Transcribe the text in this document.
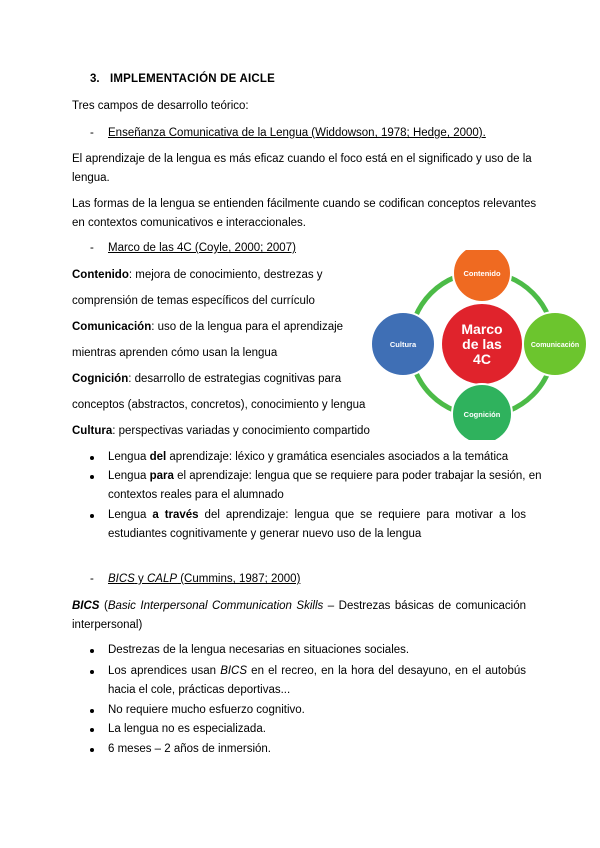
3. IMPLEMENTACIÓN DE AICLE
Tres campos de desarrollo teórico:
- Enseñanza Comunicativa de la Lengua (Widdowson, 1978; Hedge, 2000).
El aprendizaje de la lengua es más eficaz cuando el foco está en el significado y uso de la
lengua.
Las formas de la lengua se entienden fácilmente cuando se codifican conceptos relevantes
en contextos comunicativos e interaccionales.
- Marco de las 4C (Coyle, 2000; 2007)
Contenido: mejora de conocimiento, destrezas y
comprensión de temas específicos del currículo
Comunicación: uso de la lengua para el aprendizaje
mientras aprenden cómo usan la lengua
Cognición: desarrollo de estrategias cognitivas para
conceptos (abstractos, concretos), conocimiento y lengua
Cultura: perspectivas variadas y conocimiento compartido
Marco
de las
4C
Contenido
Comunicación
Cognición
Cultura
Lengua del aprendizaje: léxico y gramática esenciales asociados a la temática
Lengua para el aprendizaje: lengua que se requiere para poder trabajar la sesión, en
contextos reales para el alumnado
Lengua a través del aprendizaje: lengua que se requiere para motivar a los
estudiantes cognitivamente y generar nuevo uso de la lengua
- BICS y CALP (Cummins, 1987; 2000)
BICS (Basic Interpersonal Communication Skills – Destrezas básicas de comunicación
interpersonal)
Destrezas de la lengua necesarias en situaciones sociales.
Los aprendices usan BICS en el recreo, en la hora del desayuno, en el autobús
hacia el cole, prácticas deportivas...
No requiere mucho esfuerzo cognitivo.
La lengua no es especializada.
6 meses – 2 años de inmersión.
